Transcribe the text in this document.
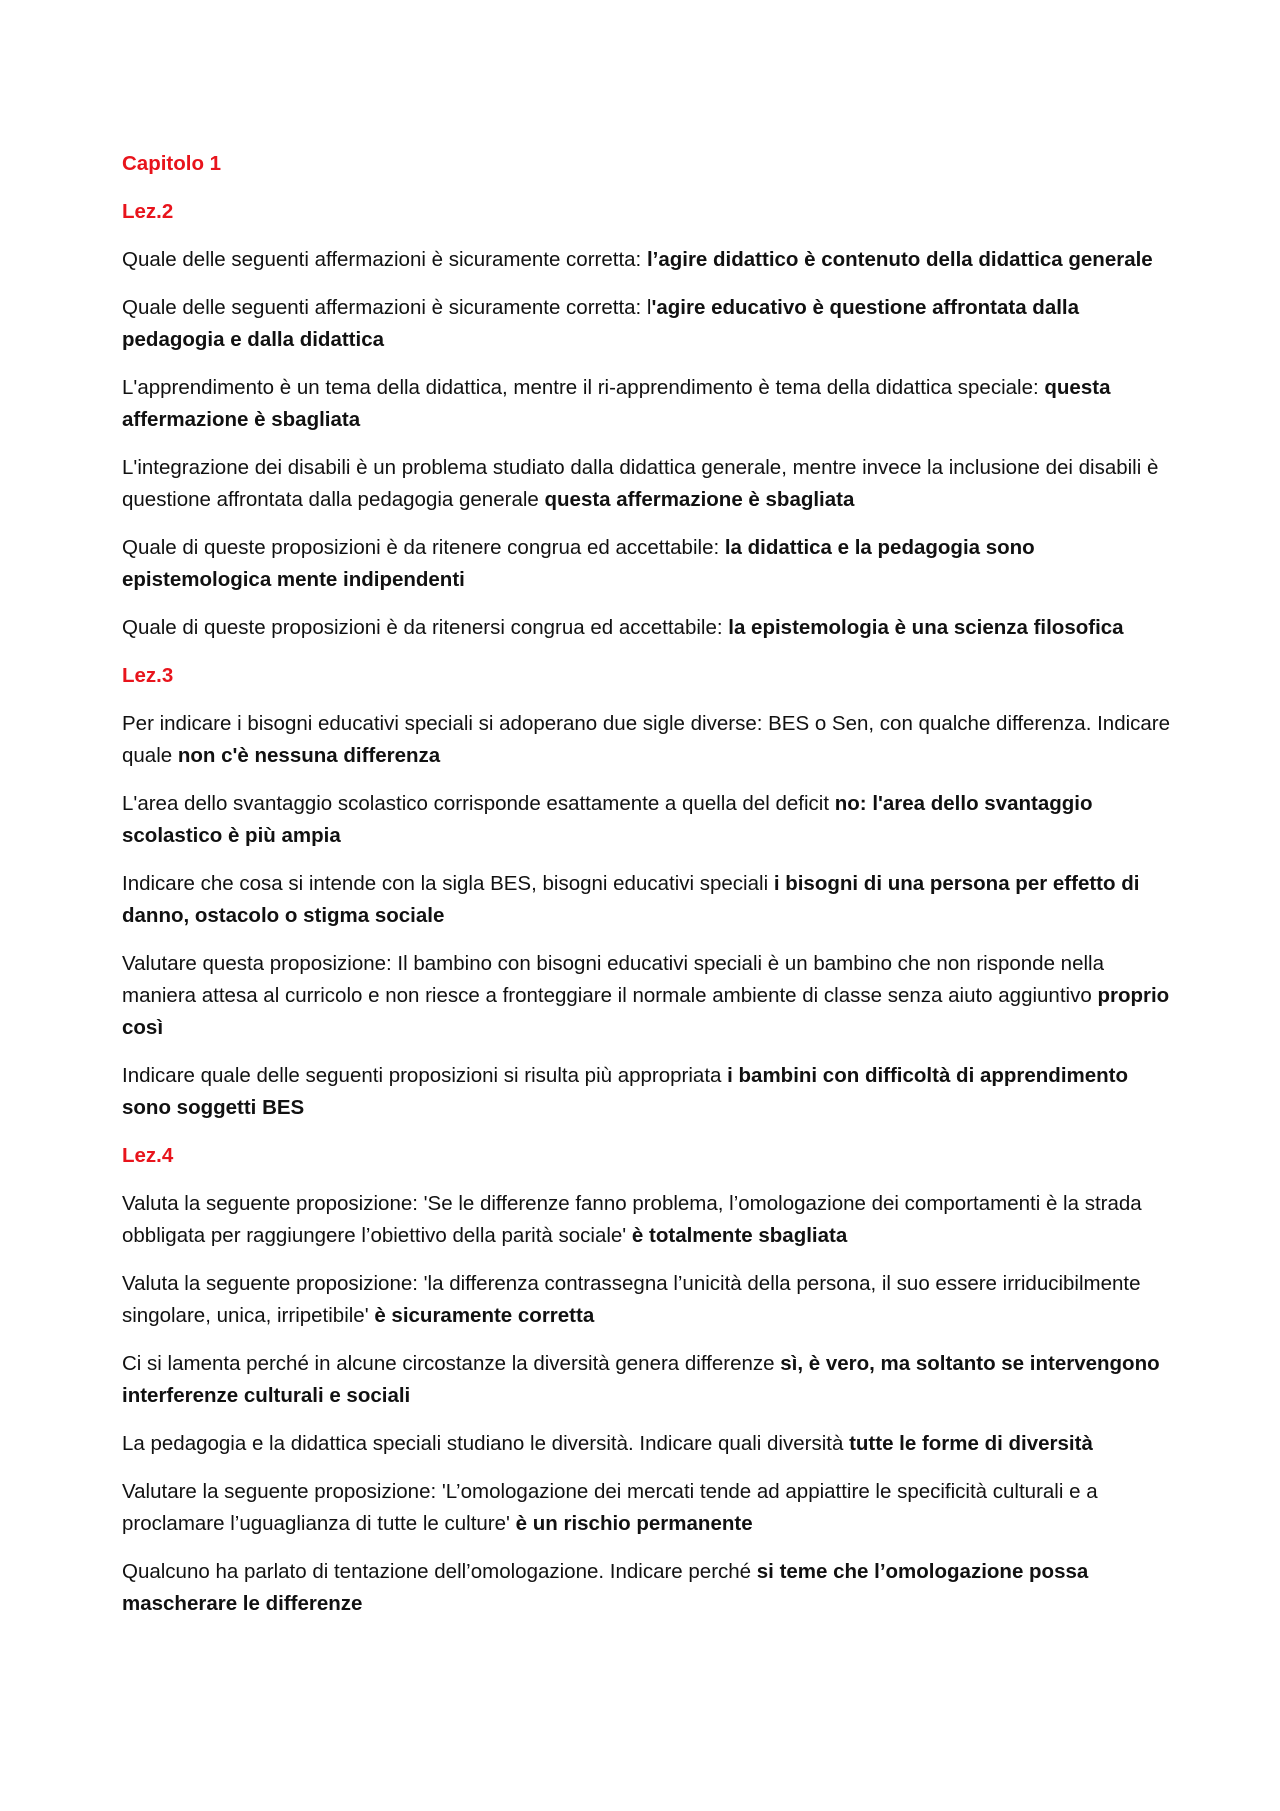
Capitolo 1
Lez.2

Quale delle seguenti affermazioni è sicuramente corretta: l’agire didattico è contenuto della didattica generale

Quale delle seguenti affermazioni è sicuramente corretta: l'agire educativo è questione affrontata dalla pedagogia e dalla didattica

L'apprendimento è un tema della didattica, mentre il ri-apprendimento è tema della didattica speciale: questa affermazione è sbagliata

L'integrazione dei disabili è un problema studiato dalla didattica generale, mentre invece la inclusione dei disabili è questione affrontata dalla pedagogia generale questa affermazione è sbagliata

Quale di queste proposizioni è da ritenere congrua ed accettabile: la didattica e la pedagogia sono epistemologica mente indipendenti

Quale di queste proposizioni è da ritenersi congrua ed accettabile: la epistemologia è una scienza filosofica

Lez.3

Per indicare i bisogni educativi speciali si adoperano due sigle diverse: BES o Sen, con qualche differenza. Indicare quale non c'è nessuna differenza

L'area dello svantaggio scolastico corrisponde esattamente a quella del deficit no: l'area dello svantaggio scolastico è più ampia

Indicare che cosa si intende con la sigla BES, bisogni educativi speciali i bisogni di una persona per effetto di danno, ostacolo o stigma sociale

Valutare questa proposizione: Il bambino con bisogni educativi speciali è un bambino che non risponde nella maniera attesa al curricolo e non riesce a fronteggiare il normale ambiente di classe senza aiuto aggiuntivo proprio così

Indicare quale delle seguenti proposizioni si risulta più appropriata i bambini con difficoltà di apprendimento sono soggetti BES

Lez.4

Valuta la seguente proposizione: 'Se le differenze fanno problema, l’omologazione dei comportamenti è la strada obbligata per raggiungere l’obiettivo della parità sociale' è totalmente sbagliata

Valuta la seguente proposizione: 'la differenza contrassegna l’unicità della persona, il suo essere irriducibilmente singolare, unica, irripetibile' è sicuramente corretta

Ci si lamenta perché in alcune circostanze la diversità genera differenze sì, è vero, ma soltanto se intervengono interferenze culturali e sociali

La pedagogia e la didattica speciali studiano le diversità. Indicare quali diversità tutte le forme di diversità

Valutare la seguente proposizione: 'L’omologazione dei mercati tende ad appiattire le specificità culturali e a proclamare l’uguaglianza di tutte le culture' è un rischio permanente

Qualcuno ha parlato di tentazione dell’omologazione. Indicare perché si teme che l’omologazione possa mascherare le differenze
